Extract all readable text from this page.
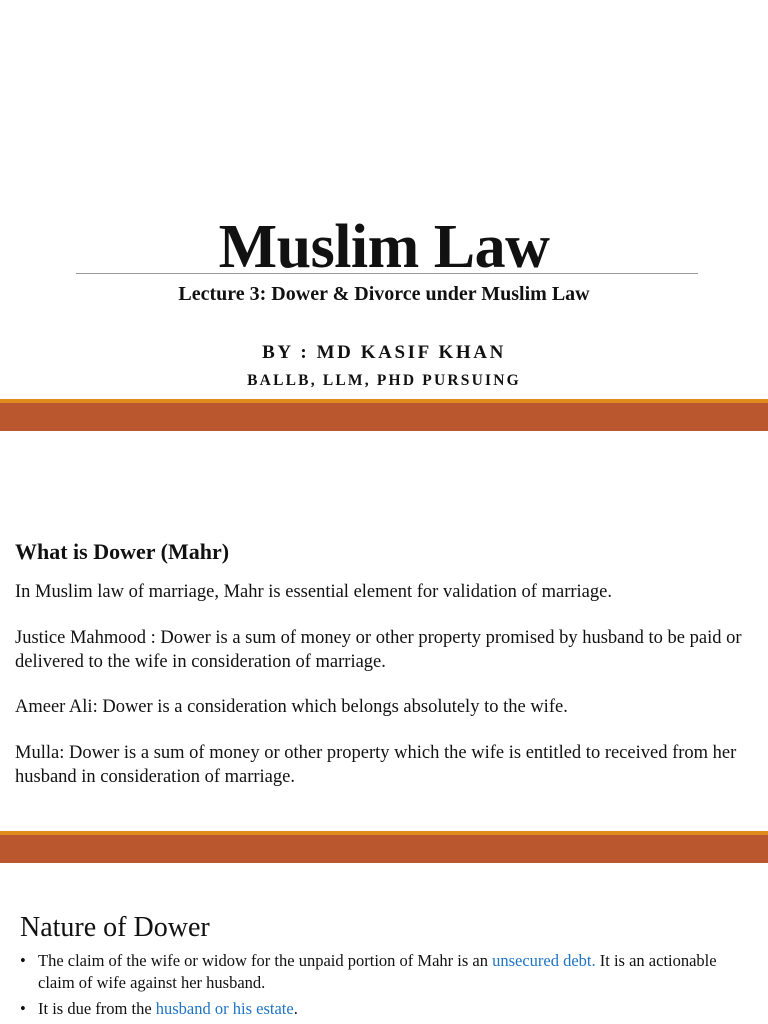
Muslim Law
Lecture 3: Dower & Divorce under Muslim Law
BY : MD KASIF KHAN
BALLB, LLM, PHD PURSUING
What is Dower (Mahr)
In Muslim law of marriage, Mahr is essential element for validation of marriage.
Justice Mahmood : Dower is a sum of money or other property promised by husband to be paid or delivered to the wife in consideration of marriage.
Ameer Ali: Dower is a consideration which belongs absolutely to the wife.
Mulla: Dower is a sum of money or other property which the wife is entitled to received from her husband in consideration of marriage.
Nature of Dower
• The claim of the wife or widow for the unpaid portion of Mahr is an unsecured debt. It is an actionable claim of wife against her husband.
• It is due from the husband or his estate.
